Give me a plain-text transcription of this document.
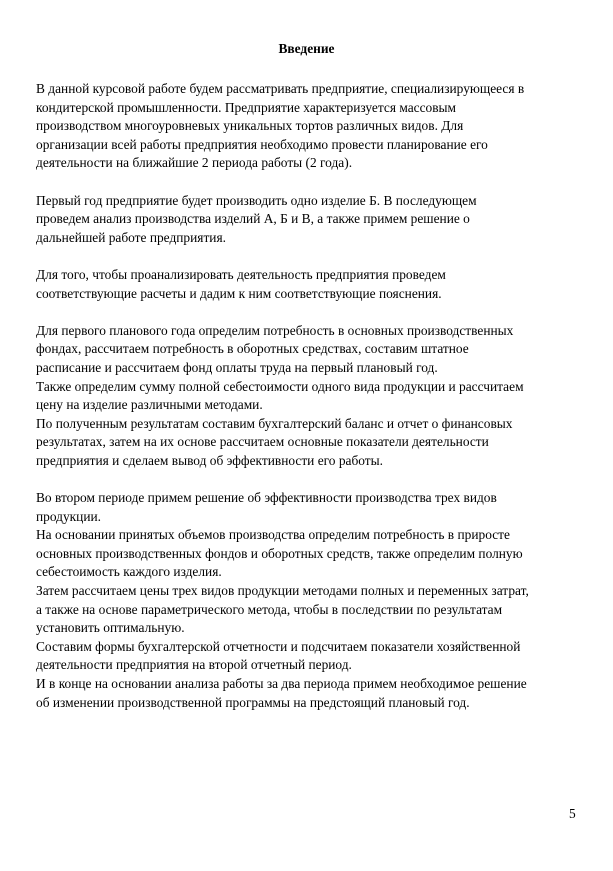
Введение

В данной курсовой работе будем рассматривать предприятие, специализирующееся в
кондитерской промышленности. Предприятие характеризуется массовым
производством многоуровневых уникальных тортов различных видов. Для
организации всей работы предприятия необходимо провести планирование его
деятельности на ближайшие 2 периода работы (2 года).

Первый год предприятие будет производить одно изделие Б. В последующем
проведем анализ производства изделий А, Б и В, а также примем решение о
дальнейшей работе предприятия.

Для того, чтобы проанализировать деятельность предприятия проведем
соответствующие расчеты и дадим к ним соответствующие пояснения.

Для первого планового года определим потребность в основных производственных
фондах, рассчитаем потребность в оборотных средствах, составим штатное
расписание и рассчитаем фонд оплаты труда на первый плановый год.
Также определим сумму полной себестоимости одного вида продукции и рассчитаем
цену на изделие различными методами.
По полученным результатам составим бухгалтерский баланс и отчет о финансовых
результатах, затем на их основе рассчитаем основные показатели деятельности
предприятия и сделаем вывод об эффективности его работы.

Во втором периоде примем решение об эффективности производства трех видов
продукции.
На основании принятых объемов производства определим потребность в приросте
основных производственных фондов и оборотных средств, также определим полную
себестоимость каждого изделия.
Затем рассчитаем цены трех видов продукции методами полных и переменных затрат,
а также на основе параметрического метода, чтобы в последствии по результатам
установить оптимальную.
Составим формы бухгалтерской отчетности и подсчитаем показатели хозяйственной
деятельности предприятия на второй отчетный период.
И в конце на основании анализа работы за два периода примем необходимое решение
об изменении производственной программы на предстоящий плановый год.

5
